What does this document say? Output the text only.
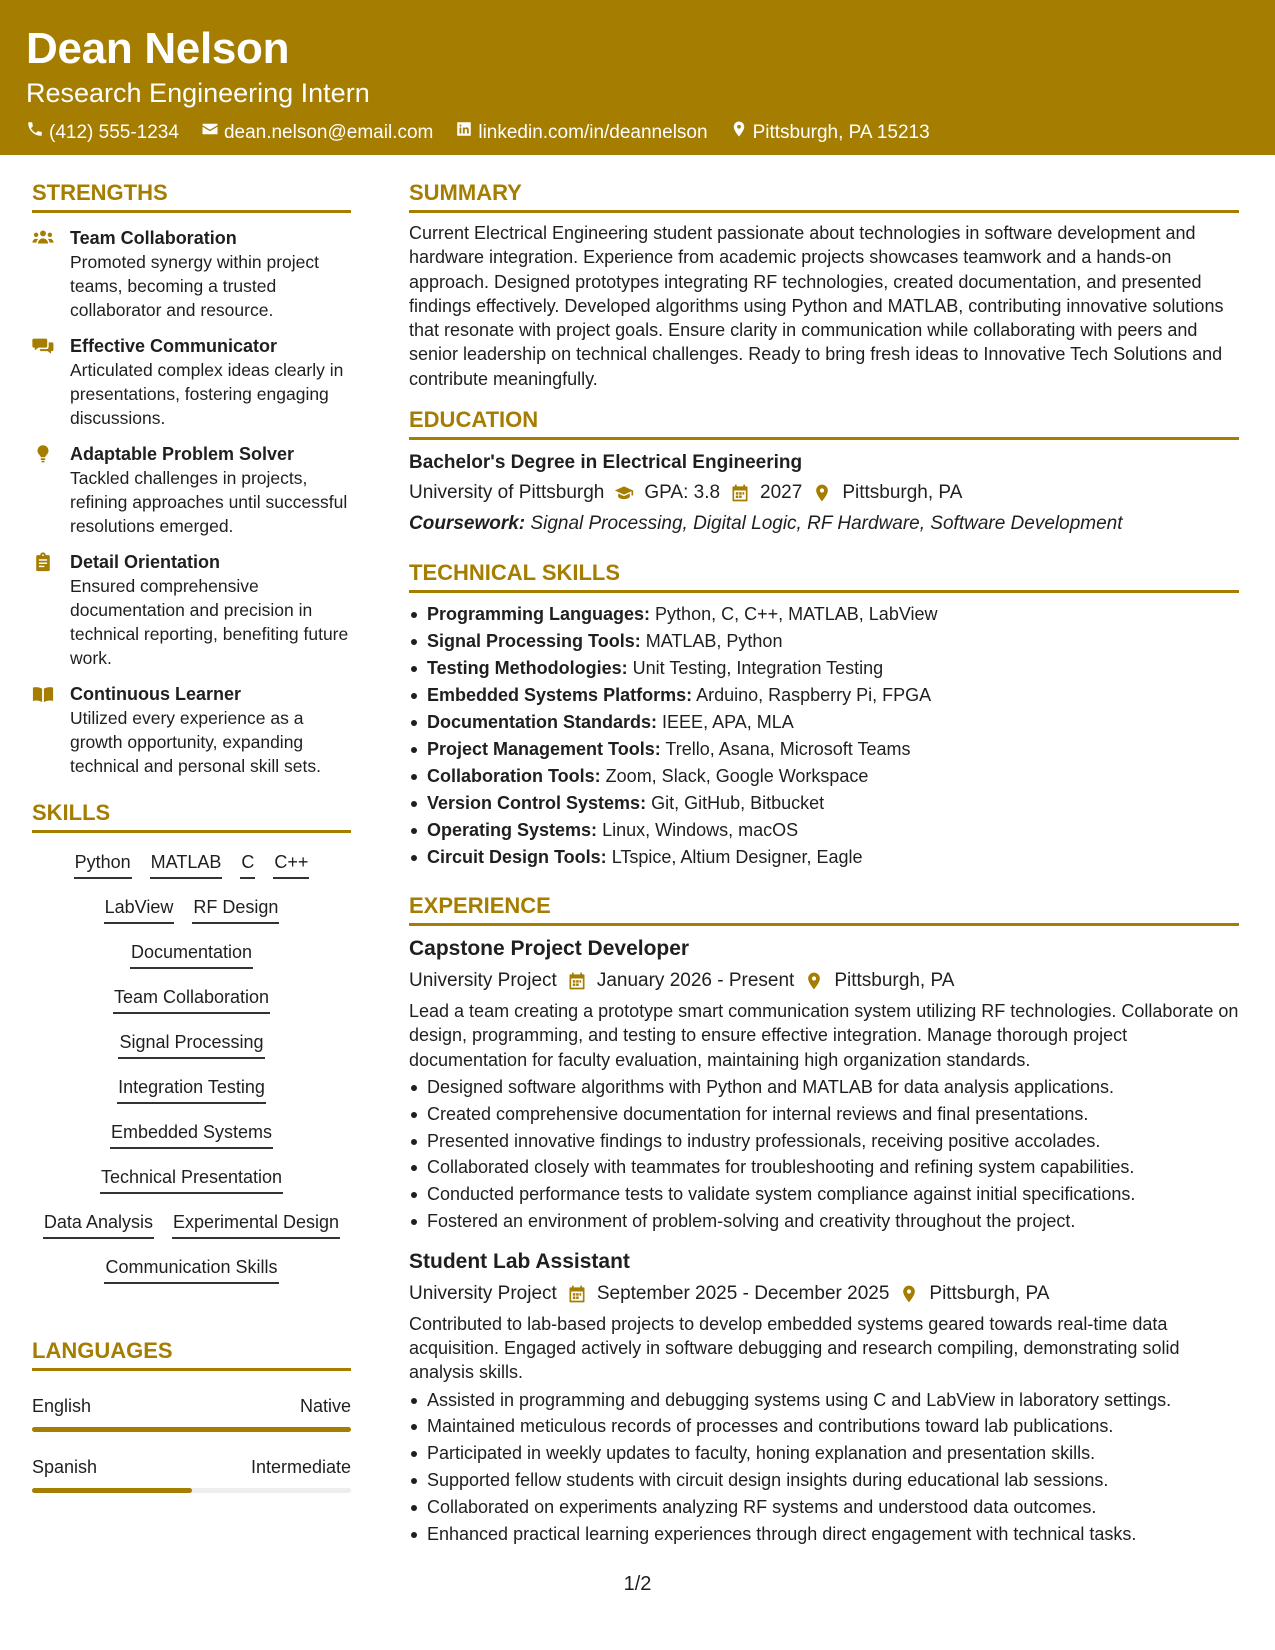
Dean Nelson
Research Engineering Intern
(412) 555-1234 dean.nelson@email.com linkedin.com/in/deannelson Pittsburgh, PA 15213
STRENGTHS
Team Collaboration
Promoted synergy within project teams, becoming a trusted collaborator and resource.
Effective Communicator
Articulated complex ideas clearly in presentations, fostering engaging discussions.
Adaptable Problem Solver
Tackled challenges in projects, refining approaches until successful resolutions emerged.
Detail Orientation
Ensured comprehensive documentation and precision in technical reporting, benefiting future work.
Continuous Learner
Utilized every experience as a growth opportunity, expanding technical and personal skill sets.
SKILLS
Python MATLAB C C++
LabView RF Design
Documentation
Team Collaboration
Signal Processing
Integration Testing
Embedded Systems
Technical Presentation
Data Analysis Experimental Design
Communication Skills
LANGUAGES
English	Native
Spanish	Intermediate
SUMMARY
Current Electrical Engineering student passionate about technologies in software development and hardware integration. Experience from academic projects showcases teamwork and a hands-on approach. Designed prototypes integrating RF technologies, created documentation, and presented findings effectively. Developed algorithms using Python and MATLAB, contributing innovative solutions that resonate with project goals. Ensure clarity in communication while collaborating with peers and senior leadership on technical challenges. Ready to bring fresh ideas to Innovative Tech Solutions and contribute meaningfully.
EDUCATION
Bachelor's Degree in Electrical Engineering
University of Pittsburgh GPA: 3.8 2027 Pittsburgh, PA
Coursework: Signal Processing, Digital Logic, RF Hardware, Software Development
TECHNICAL SKILLS
Programming Languages: Python, C, C++, MATLAB, LabView
Signal Processing Tools: MATLAB, Python
Testing Methodologies: Unit Testing, Integration Testing
Embedded Systems Platforms: Arduino, Raspberry Pi, FPGA
Documentation Standards: IEEE, APA, MLA
Project Management Tools: Trello, Asana, Microsoft Teams
Collaboration Tools: Zoom, Slack, Google Workspace
Version Control Systems: Git, GitHub, Bitbucket
Operating Systems: Linux, Windows, macOS
Circuit Design Tools: LTspice, Altium Designer, Eagle
EXPERIENCE
Capstone Project Developer
University Project January 2026 - Present Pittsburgh, PA
Lead a team creating a prototype smart communication system utilizing RF technologies. Collaborate on design, programming, and testing to ensure effective integration. Manage thorough project documentation for faculty evaluation, maintaining high organization standards.
Designed software algorithms with Python and MATLAB for data analysis applications.
Created comprehensive documentation for internal reviews and final presentations.
Presented innovative findings to industry professionals, receiving positive accolades.
Collaborated closely with teammates for troubleshooting and refining system capabilities.
Conducted performance tests to validate system compliance against initial specifications.
Fostered an environment of problem-solving and creativity throughout the project.
Student Lab Assistant
University Project September 2025 - December 2025 Pittsburgh, PA
Contributed to lab-based projects to develop embedded systems geared towards real-time data acquisition. Engaged actively in software debugging and research compiling, demonstrating solid analysis skills.
Assisted in programming and debugging systems using C and LabView in laboratory settings.
Maintained meticulous records of processes and contributions toward lab publications.
Participated in weekly updates to faculty, honing explanation and presentation skills.
Supported fellow students with circuit design insights during educational lab sessions.
Collaborated on experiments analyzing RF systems and understood data outcomes.
Enhanced practical learning experiences through direct engagement with technical tasks.
1/2
